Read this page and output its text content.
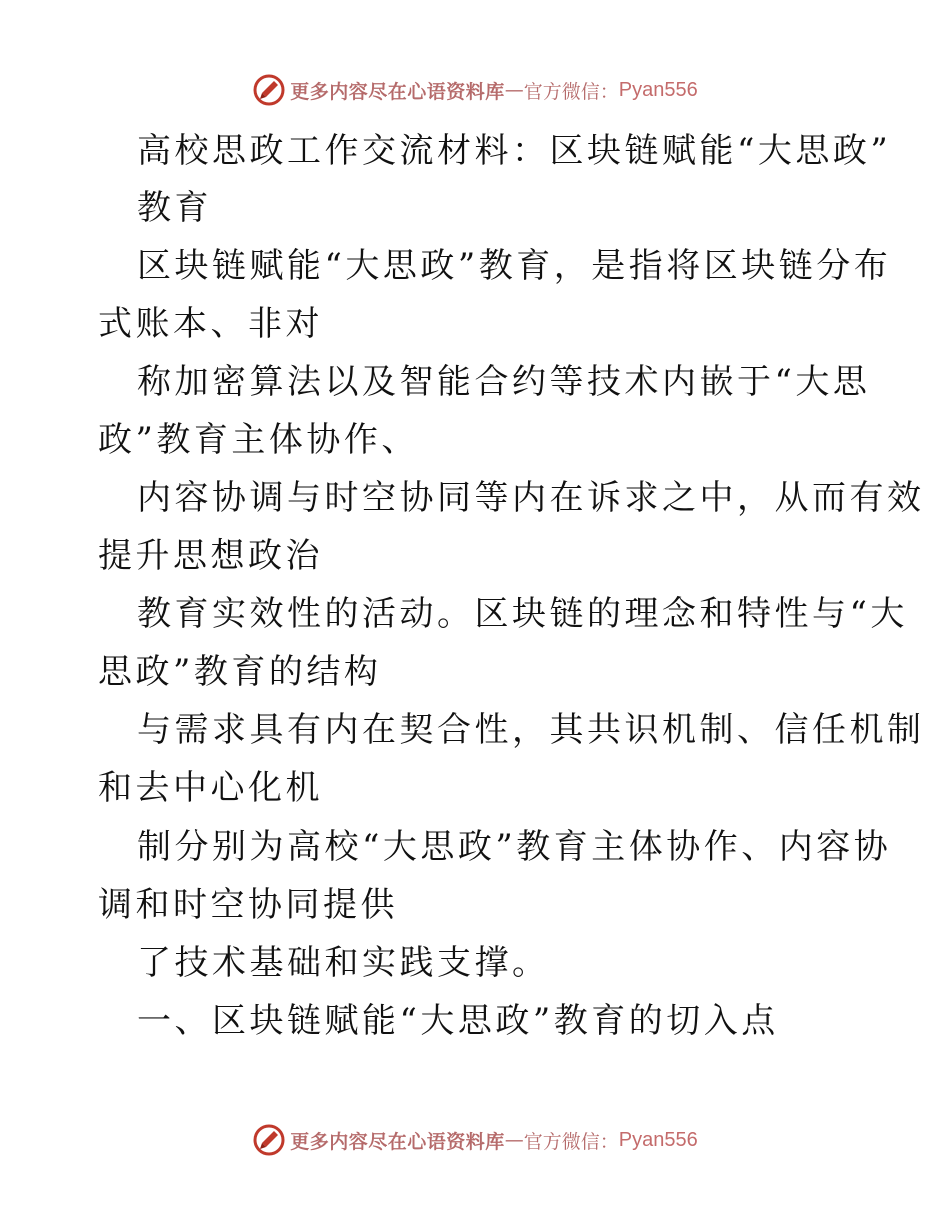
更多内容尽在心语资料库 — 官方微信： Pyan556
高校思政工作交流材料：区块链赋能“大思政”
教育
区块链赋能“大思政”教育，是指将区块链分布
式账本、非对
称加密算法以及智能合约等技术内嵌于“大思
政”教育主体协作、
内容协调与时空协同等内在诉求之中，从而有效
提升思想政治
教育实效性的活动。区块链的理念和特性与“大
思政”教育的结构
与需求具有内在契合性，其共识机制、信任机制
和去中心化机
制分别为高校“大思政”教育主体协作、内容协
调和时空协同提供
了技术基础和实践支撑。
一、区块链赋能“大思政”教育的切入点
更多内容尽在心语资料库 — 官方微信： Pyan556
